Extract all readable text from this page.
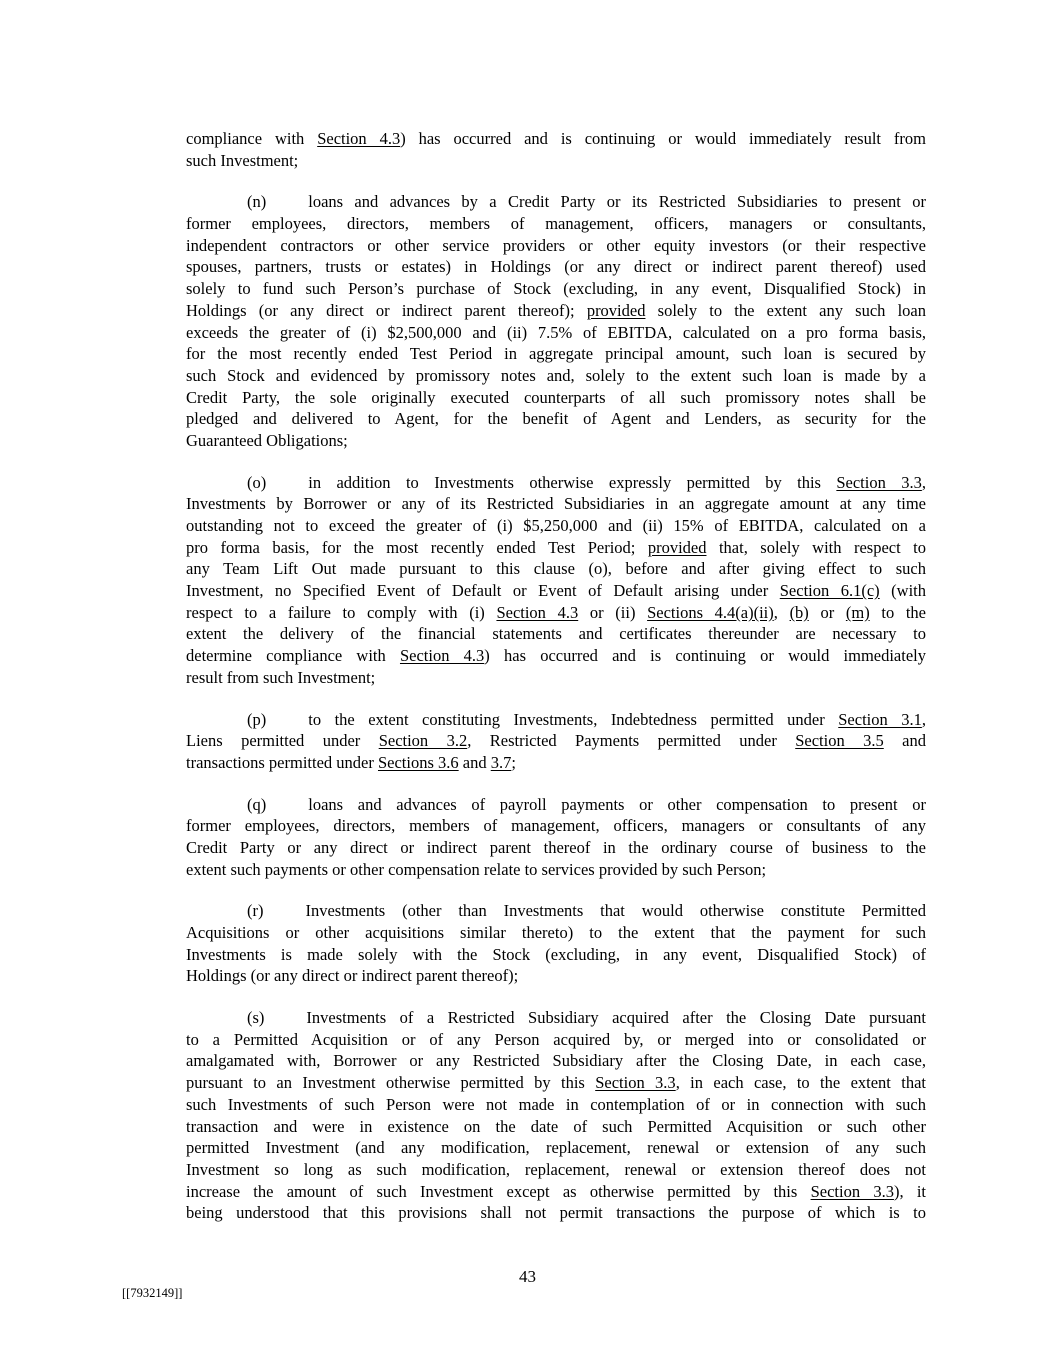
compliance with Section 4.3) has occurred and is continuing or would immediately result from
such Investment;
(n)	loans and advances by a Credit Party or its Restricted Subsidiaries to present or
former employees, directors, members of management, officers, managers or consultants,
independent contractors or other service providers or other equity investors (or their respective
spouses, partners, trusts or estates) in Holdings (or any direct or indirect parent thereof) used
solely to fund such Person’s purchase of Stock (excluding, in any event, Disqualified Stock) in
Holdings (or any direct or indirect parent thereof); provided solely to the extent any such loan
exceeds the greater of (i) $2,500,000 and (ii) 7.5% of EBITDA, calculated on a pro forma basis,
for the most recently ended Test Period in aggregate principal amount, such loan is secured by
such Stock and evidenced by promissory notes and, solely to the extent such loan is made by a
Credit Party, the sole originally executed counterparts of all such promissory notes shall be
pledged and delivered to Agent, for the benefit of Agent and Lenders, as security for the
Guaranteed Obligations;
(o)	in addition to Investments otherwise expressly permitted by this Section 3.3,
Investments by Borrower or any of its Restricted Subsidiaries in an aggregate amount at any time
outstanding not to exceed the greater of (i) $5,250,000 and (ii) 15% of EBITDA, calculated on a
pro forma basis, for the most recently ended Test Period; provided that, solely with respect to
any Team Lift Out made pursuant to this clause (o), before and after giving effect to such
Investment, no Specified Event of Default or Event of Default arising under Section 6.1(c) (with
respect to a failure to comply with (i) Section 4.3 or (ii) Sections 4.4(a)(ii), (b) or (m) to the
extent the delivery of the financial statements and certificates thereunder are necessary to
determine compliance with Section 4.3) has occurred and is continuing or would immediately
result from such Investment;
(p)	to the extent constituting Investments, Indebtedness permitted under Section 3.1,
Liens permitted under Section 3.2, Restricted Payments permitted under Section 3.5 and
transactions permitted under Sections 3.6 and 3.7;
(q)	loans and advances of payroll payments or other compensation to present or
former employees, directors, members of management, officers, managers or consultants of any
Credit Party or any direct or indirect parent thereof in the ordinary course of business to the
extent such payments or other compensation relate to services provided by such Person;
(r)	Investments (other than Investments that would otherwise constitute Permitted
Acquisitions or other acquisitions similar thereto) to the extent that the payment for such
Investments is made solely with the Stock (excluding, in any event, Disqualified Stock) of
Holdings (or any direct or indirect parent thereof);
(s)	Investments of a Restricted Subsidiary acquired after the Closing Date pursuant
to a Permitted Acquisition or of any Person acquired by, or merged into or consolidated or
amalgamated with, Borrower or any Restricted Subsidiary after the Closing Date, in each case,
pursuant to an Investment otherwise permitted by this Section 3.3, in each case, to the extent that
such Investments of such Person were not made in contemplation of or in connection with such
transaction and were in existence on the date of such Permitted Acquisition or such other
permitted Investment (and any modification, replacement, renewal or extension of any such
Investment so long as such modification, replacement, renewal or extension thereof does not
increase the amount of such Investment except as otherwise permitted by this Section 3.3), it
being understood that this provisions shall not permit transactions the purpose of which is to
43
[[7932149]]
